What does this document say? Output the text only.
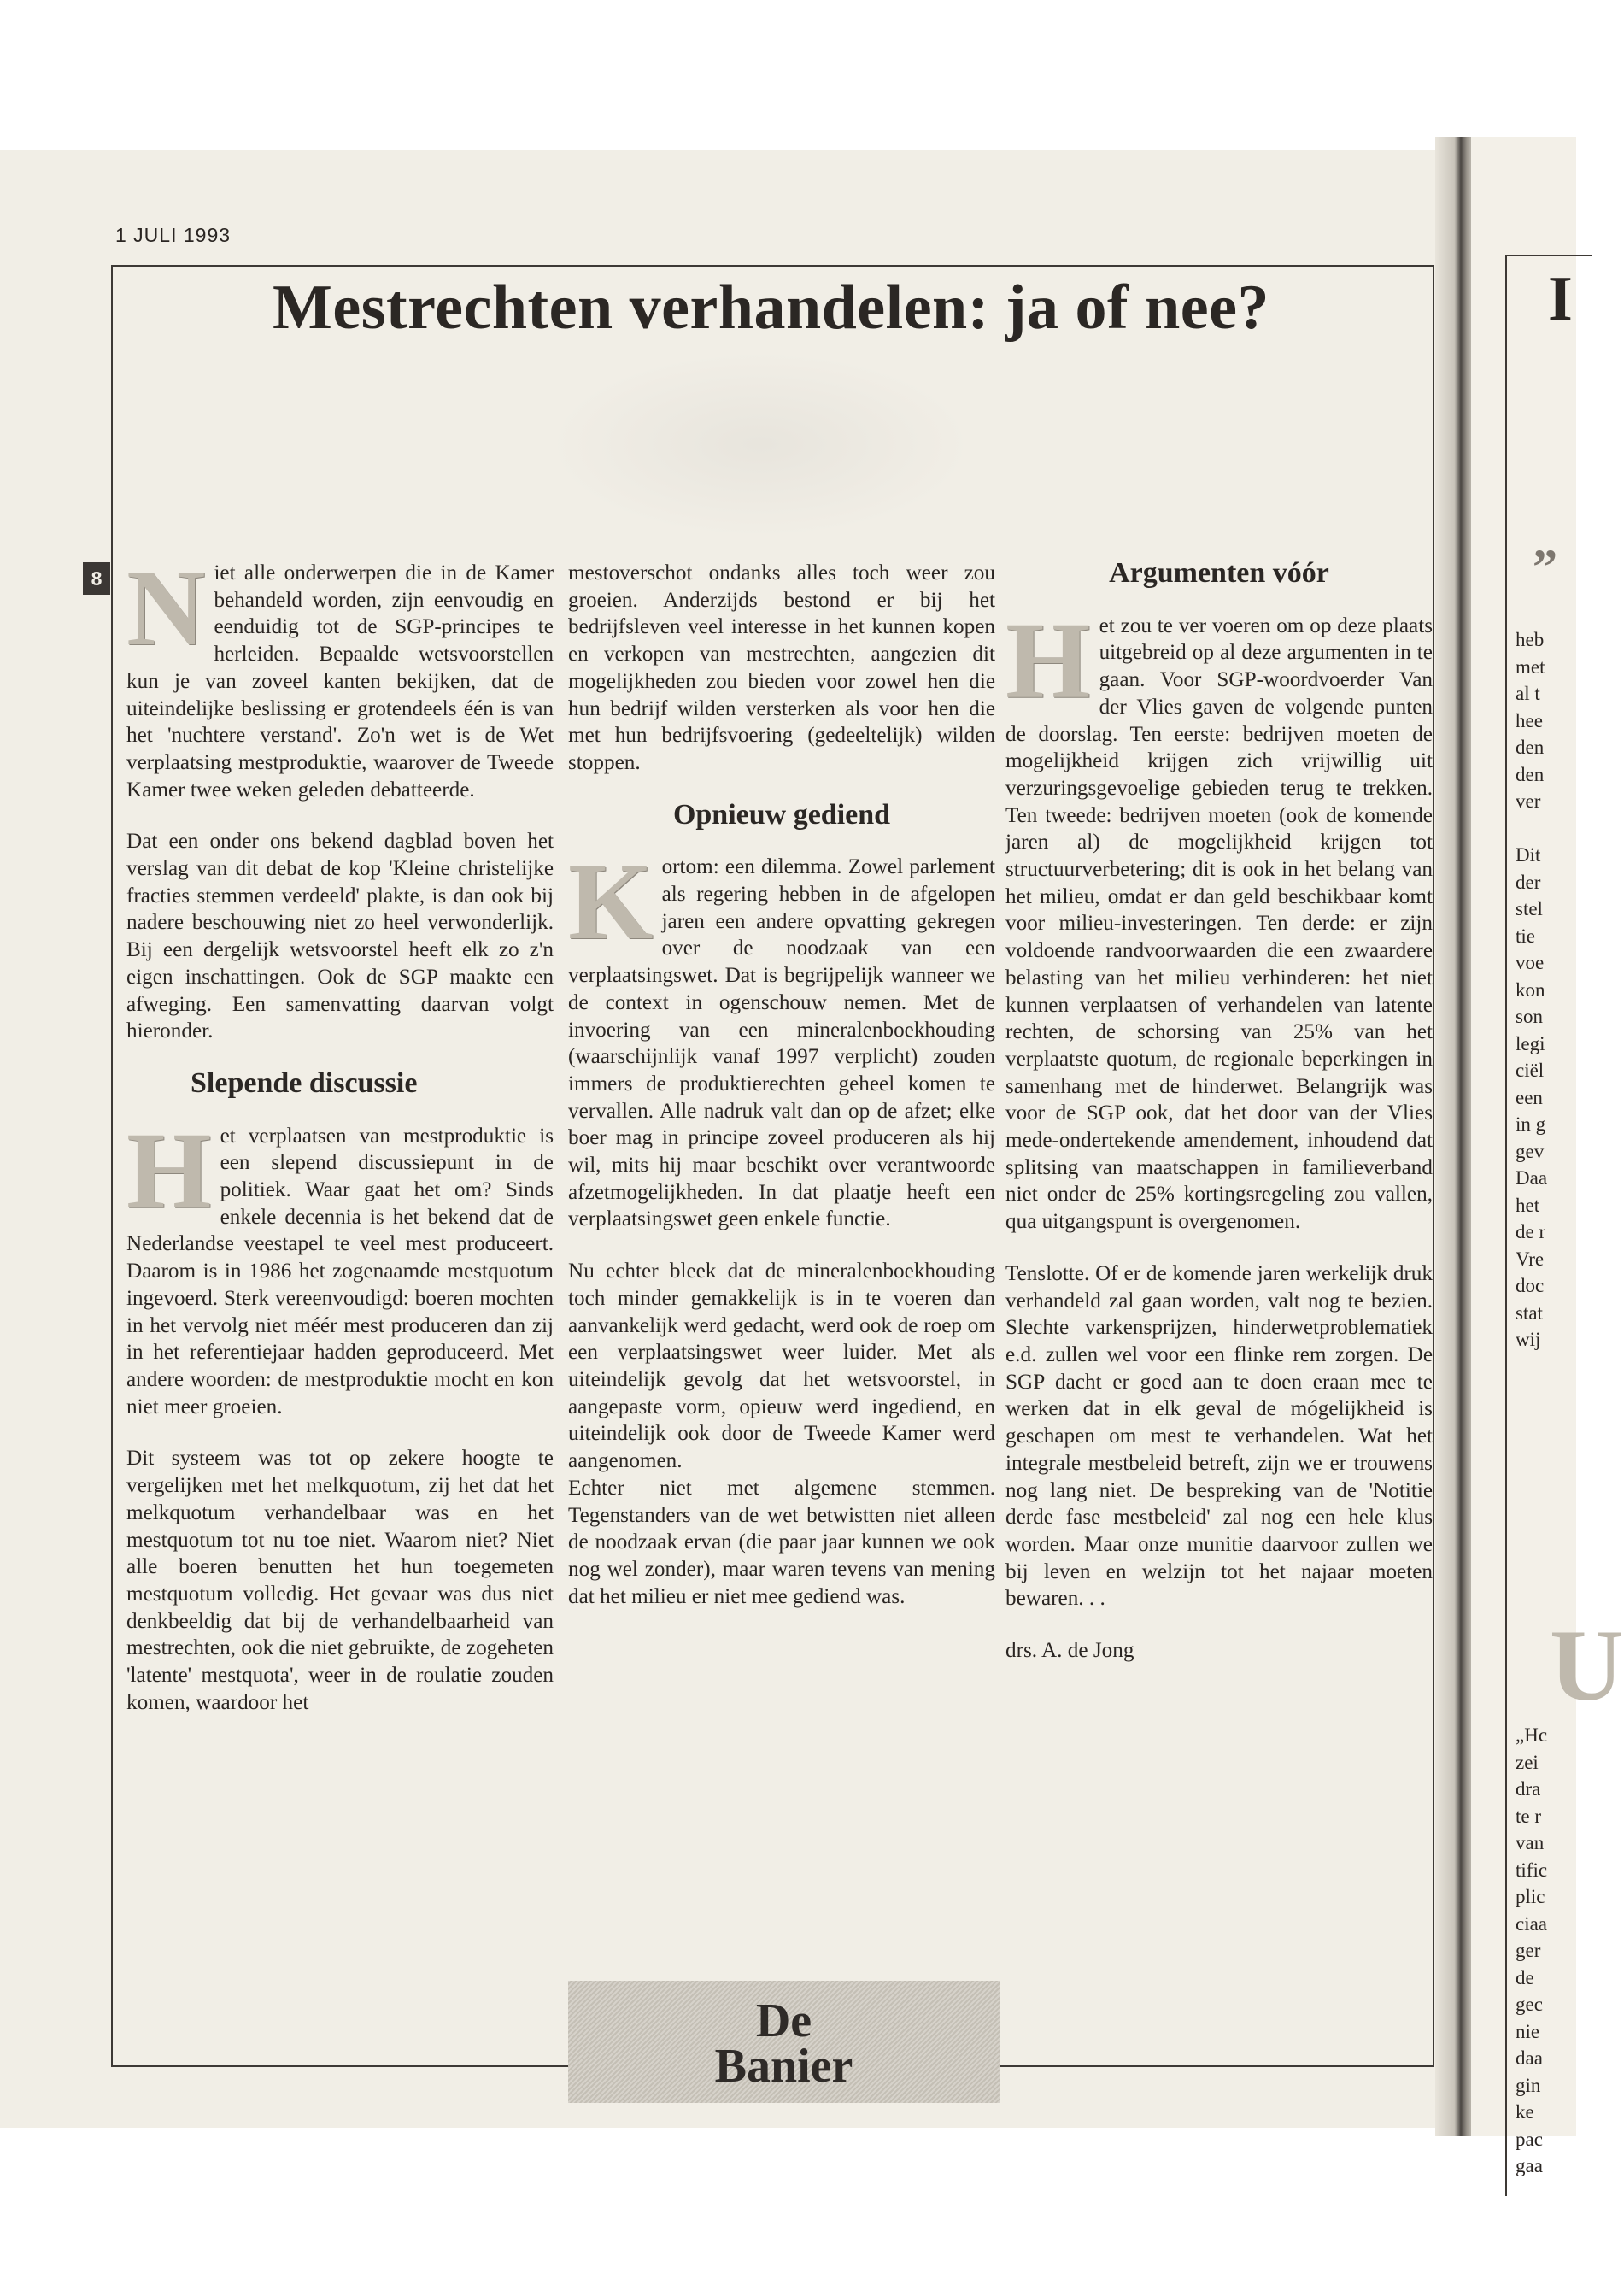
1 JULI 1993
Mestrechten verhandelen: ja of nee?
8 Niet alle onderwerpen die in de Kamer behandeld worden, zijn eenvoudig en eenduidig tot de SGP-principes te herleiden. Bepaalde wetsvoorstellen kun je van zoveel kanten bekijken, dat de uiteindelijke beslissing er grotendeels één is van het 'nuchtere verstand'. Zo'n wet is de Wet verplaatsing mestproduktie, waarover de Tweede Kamer twee weken geleden debatteerde.

Dat een onder ons bekend dagblad boven het verslag van dit debat de kop 'Kleine christelijke fracties stemmen verdeeld' plakte, is dan ook bij nadere beschouwing niet zo heel verwonderlijk. Bij een dergelijk wetsvoorstel heeft elk zo z'n eigen inschattingen. Ook de SGP maakte een afweging. Een samenvatting daarvan volgt hieronder.

Slepende discussie

Het verplaatsen van mestproduktie is een slepend discussiepunt in de politiek. Waar gaat het om? Sinds enkele decennia is het bekend dat de Nederlandse veestapel te veel mest produceert. Daarom is in 1986 het zogenaamde mestquotum ingevoerd. Sterk vereenvoudigd: boeren mochten in het vervolg niet méér mest produceren dan zij in het referentiejaar hadden geproduceerd. Met andere woorden: de mestproduktie mocht en kon niet meer groeien.

Dit systeem was tot op zekere hoogte te vergelijken met het melkquotum, zij het dat het melkquotum verhandelbaar was en het mestquotum tot nu toe niet. Waarom niet? Niet alle boeren benutten het hun toegemeten mestquotum volledig. Het gevaar was dus niet denkbeeldig dat bij de verhandelbaarheid van mestrechten, ook die niet gebruikte, de zogeheten 'latente' mestquota', weer in de roulatie zouden komen, waardoor het

mestoverschot ondanks alles toch weer zou groeien. Anderzijds bestond er bij het bedrijfsleven veel interesse in het kunnen kopen en verkopen van mestrechten, aangezien dit mogelijkheden zou bieden voor zowel hen die hun bedrijf wilden versterken als voor hen die met hun bedrijfsvoering (gedeeltelijk) wilden stoppen.

Opnieuw gediend

Kortom: een dilemma. Zowel parlement als regering hebben in de afgelopen jaren een andere opvatting gekregen over de noodzaak van een verplaatsingswet. Dat is begrijpelijk wanneer we de context in ogenschouw nemen. Met de invoering van een mineralenboekhouding (waarschijnlijk vanaf 1997 verplicht) zouden immers de produktierechten geheel komen te vervallen. Alle nadruk valt dan op de afzet; elke boer mag in principe zoveel produceren als hij wil, mits hij maar beschikt over verantwoorde afzetmogelijkheden. In dat plaatje heeft een verplaatsingswet geen enkele functie.

Nu echter bleek dat de mineralenboekhouding toch minder gemakkelijk is in te voeren dan aanvankelijk werd gedacht, werd ook de roep om een verplaatsingswet weer luider. Met als uiteindelijk gevolg dat het wetsvoorstel, in aangepaste vorm, opieuw werd ingediend, en uiteindelijk ook door de Tweede Kamer werd aangenomen.

Echter niet met algemene stemmen. Tegenstanders van de wet betwistten niet alleen de noodzaak ervan (die paar jaar kunnen we ook nog wel zonder), maar waren tevens van mening dat het milieu er niet mee gediend was.

Argumenten vóór

Het zou te ver voeren om op deze plaats uitgebreid op al deze argumenten in te gaan. Voor SGP-woordvoerder Van der Vlies gaven de volgende punten de doorslag. Ten eerste: bedrijven moeten de mogelijkheid krijgen zich vrijwillig uit verzuringsgevoelige gebieden terug te trekken. Ten tweede: bedrijven moeten (ook de komende jaren al) de mogelijkheid krijgen tot structuurverbetering; dit is ook in het belang van het milieu, omdat er dan geld beschikbaar komt voor milieu-investeringen. Ten derde: er zijn voldoende randvoorwaarden die een zwaardere belasting van het milieu verhinderen: het niet kunnen verplaatsen of verhandelen van latente rechten, de schorsing van 25% van het verplaatste quotum, de regionale beperkingen in samenhang met de hinderwet. Belangrijk was voor de SGP ook, dat het door van der Vlies mede-ondertekende amendement, inhoudend dat splitsing van maatschappen in familieverband niet onder de 25% kortingsregeling zou vallen, qua uitgangspunt is overgenomen.

Tenslotte. Of er de komende jaren werkelijk druk verhandeld zal gaan worden, valt nog te bezien. Slechte varkensprijzen, hinderwetproblematiek e.d. zullen wel voor een flinke rem zorgen. De SGP dacht er goed aan te doen eraan mee te werken dat in elk geval de mógelijkheid is geschapen om mest te verhandelen. Wat het integrale mestbeleid betreft, zijn we er trouwens nog lang niet. De bespreking van de 'Notitie derde fase mestbeleid' zal nog een hele klus worden. Maar onze munitie daarvoor zullen we bij leven en welzijn tot het najaar moeten bewaren. . .

drs. A. de Jong

De
Banier
I
”
U
heb
met
al t
hee
den
den
ver
Dit
der
stel
tie
voe
kon
son
legi
ciël
een
in g
gev
Daa
het
de r
Vre
doc
stat
wij
„Hc
zei
dra
te r
van
tific
plic
ciaa
ger
de
gec
nie
daa
gin
ke
pac
gaa
